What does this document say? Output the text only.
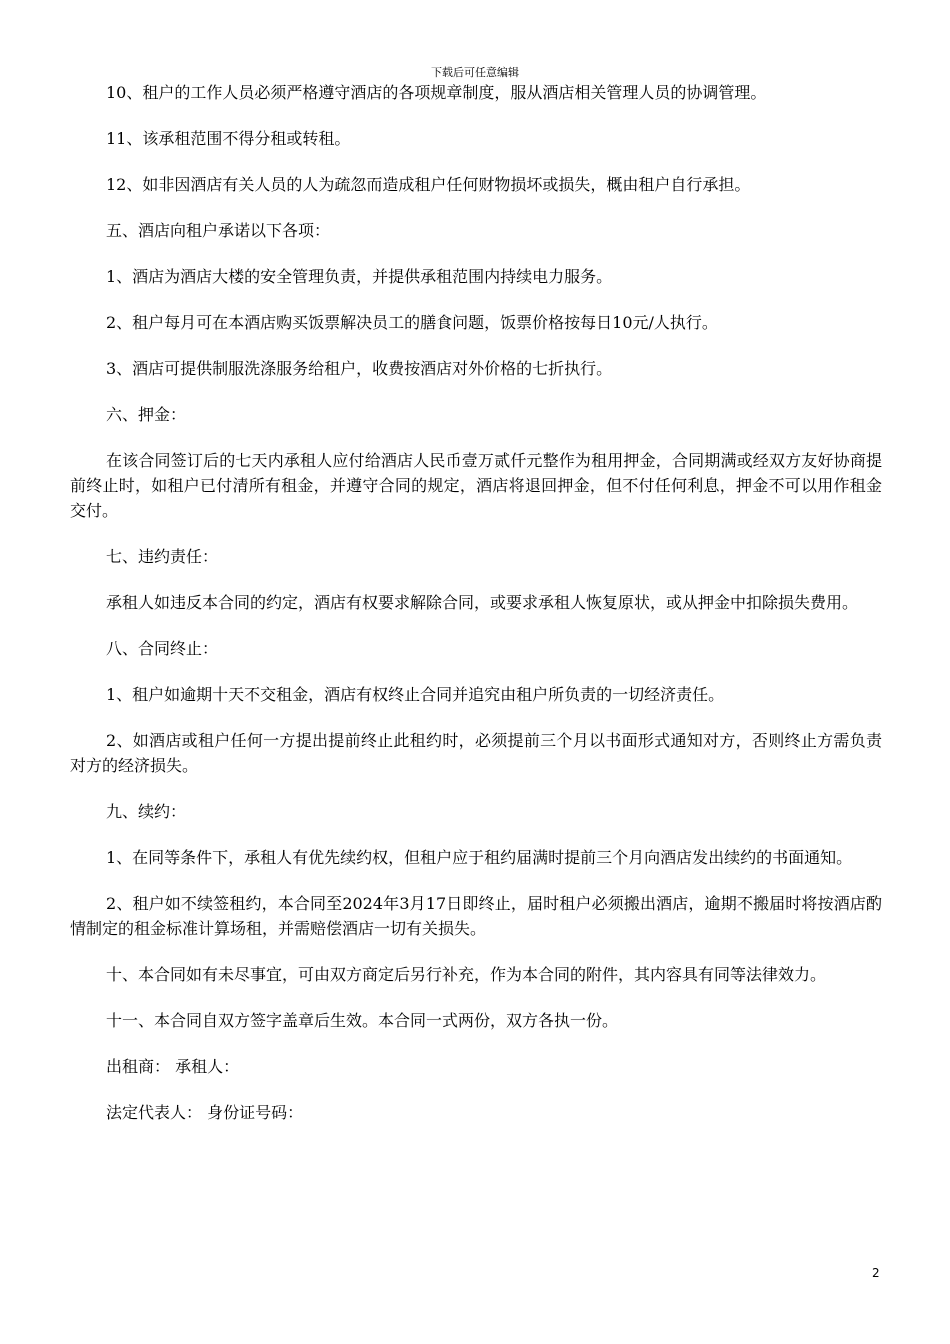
下载后可任意编辑

10、租户的工作人员必须严格遵守酒店的各项规章制度，服从酒店相关管理人员的协调管理。

11、该承租范围不得分租或转租。

12、如非因酒店有关人员的人为疏忽而造成租户任何财物损坏或损失，概由租户自行承担。

五、酒店向租户承诺以下各项：

1、酒店为酒店大楼的安全管理负责，并提供承租范围内持续电力服务。

2、租户每月可在本酒店购买饭票解决员工的膳食问题，饭票价格按每日10元/人执行。

3、酒店可提供制服洗涤服务给租户，收费按酒店对外价格的七折执行。

六、押金：

在该合同签订后的七天内承租人应付给酒店人民币壹万贰仟元整作为租用押金，合同期满或经双方友好协商提前终止时，如租户已付清所有租金，并遵守合同的规定，酒店将退回押金，但不付任何利息，押金不可以用作租金交付。

七、违约责任：

承租人如违反本合同的约定，酒店有权要求解除合同，或要求承租人恢复原状，或从押金中扣除损失费用。

八、合同终止：

1、租户如逾期十天不交租金，酒店有权终止合同并追究由租户所负责的一切经济责任。

2、如酒店或租户任何一方提出提前终止此租约时，必须提前三个月以书面形式通知对方，否则终止方需负责对方的经济损失。

九、续约：

1、在同等条件下，承租人有优先续约权，但租户应于租约届满时提前三个月向酒店发出续约的书面通知。

2、租户如不续签租约，本合同至2024年3月17日即终止，届时租户必须搬出酒店，逾期不搬届时将按酒店酌情制定的租金标准计算场租，并需赔偿酒店一切有关损失。

十、本合同如有未尽事宜，可由双方商定后另行补充，作为本合同的附件，其内容具有同等法律效力。

十一、本合同自双方签字盖章后生效。本合同一式两份，双方各执一份。

出租商： 承租人：

法定代表人： 身份证号码：

2
